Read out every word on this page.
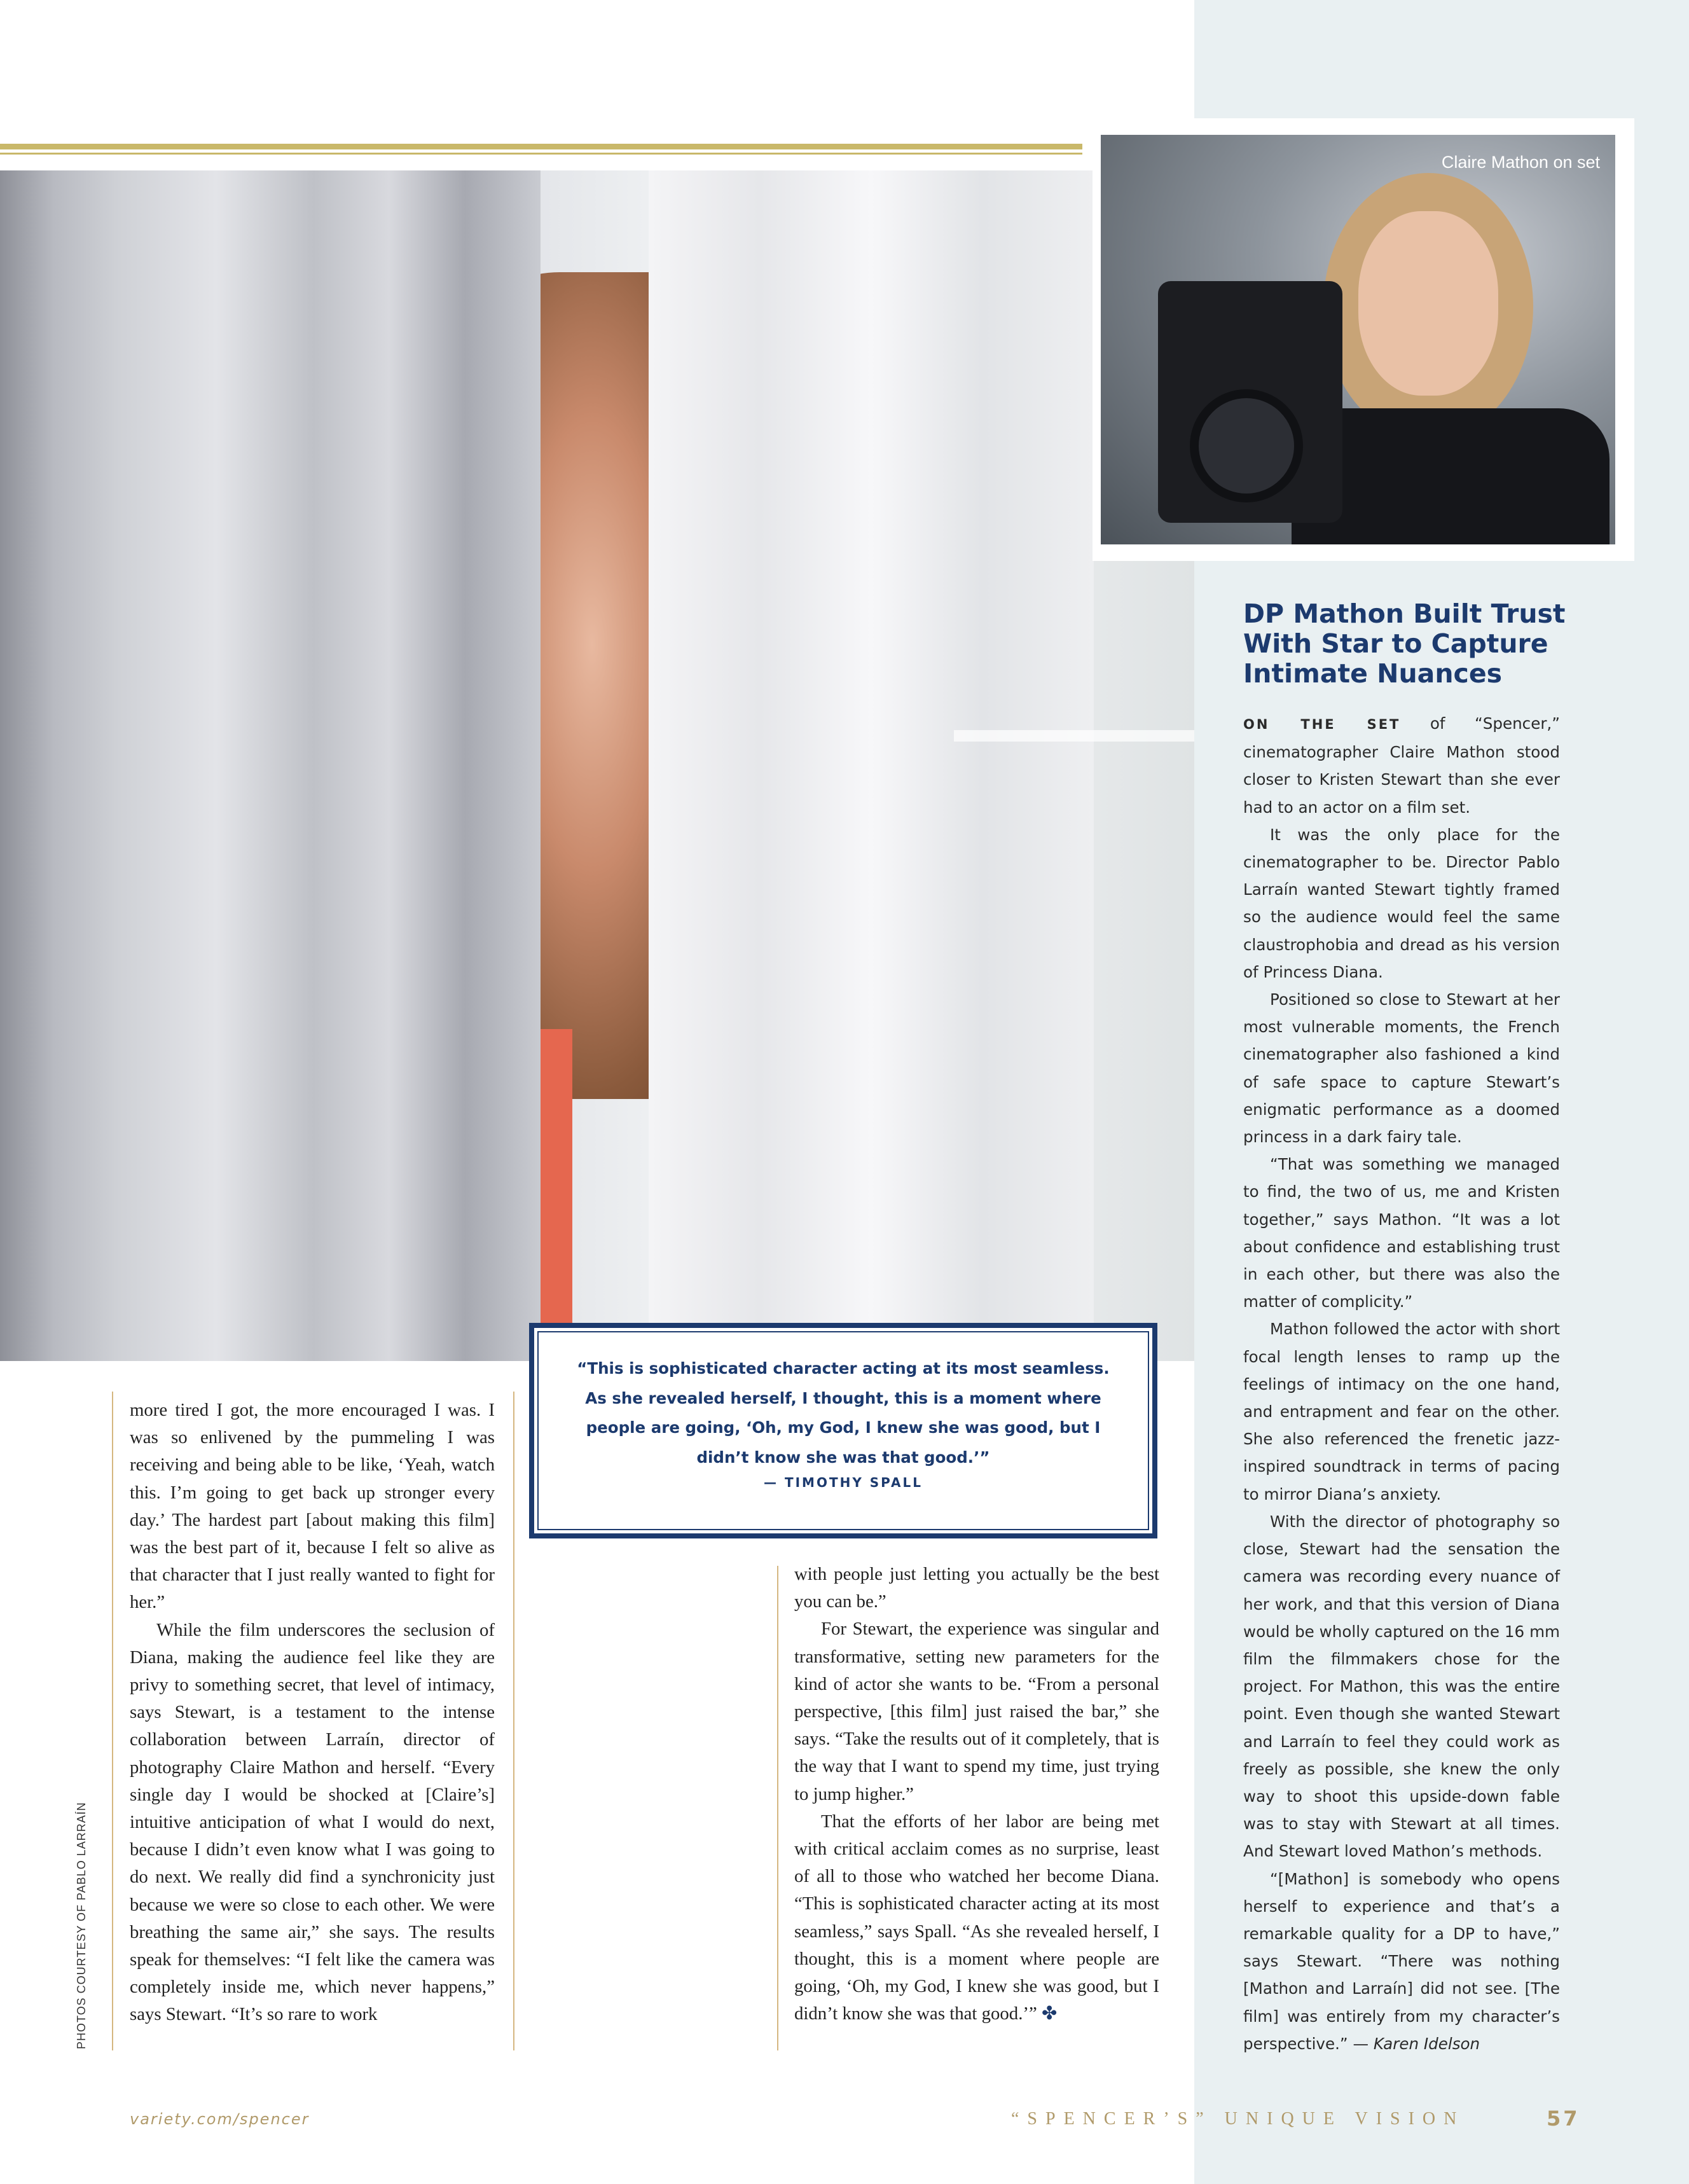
Claire Mathon on set
DP Mathon Built Trust With Star to Capture Intimate Nuances

ON THE SET of “Spencer,” cinematographer Claire Mathon stood closer to Kristen Stewart than she ever had to an actor on a film set.

It was the only place for the cinematographer to be. Director Pablo Larraín wanted Stewart tightly framed so the audience would feel the same claustrophobia and dread as his version of Princess Diana.

Positioned so close to Stewart at her most vulnerable moments, the French cinematographer also fashioned a kind of safe space to capture Stewart’s enigmatic performance as a doomed princess in a dark fairy tale.

“That was something we managed to find, the two of us, me and Kristen together,” says Mathon. “It was a lot about confidence and establishing trust in each other, but there was also the matter of complicity.”

Mathon followed the actor with short focal length lenses to ramp up the feelings of intimacy on the one hand, and entrapment and fear on the other. She also referenced the frenetic jazz-inspired soundtrack in terms of pacing to mirror Diana’s anxiety.

With the director of photography so close, Stewart had the sensation the camera was recording every nuance of her work, and that this version of Diana would be wholly captured on the 16 mm film the filmmakers chose for the project. For Mathon, this was the entire point. Even though she wanted Stewart and Larraín to feel they could work as freely as possible, she knew the only way to shoot this upside-down fable was to stay with Stewart at all times. And Stewart loved Mathon’s methods.

“[Mathon] is somebody who opens herself to experience and that’s a remarkable quality for a DP to have,” says Stewart. “There was nothing [Mathon and Larraín] did not see. [The film] was entirely from my character’s perspective.” — Karen Idelson

more tired I got, the more encouraged I was. I was so enlivened by the pummeling I was receiving and being able to be like, ‘Yeah, watch this. I’m going to get back up stronger every day.’ The hardest part [about making this film] was the best part of it, because I felt so alive as that character that I just really wanted to fight for her.”

While the film underscores the seclusion of Diana, making the audience feel like they are privy to something secret, that level of intimacy, says Stewart, is a testament to the intense collaboration between Larraín, director of photography Claire Mathon and herself. “Every single day I would be shocked at [Claire’s] intuitive anticipation of what I would do next, because I didn’t even know what I was going to do next. We really did find a synchronicity just because we were so close to each other. We were breathing the same air,” she says. The results speak for themselves: “I felt like the camera was completely inside me, which never happens,” says Stewart. “It’s so rare to work

with people just letting you actually be the best you can be.”

For Stewart, the experience was singular and transformative, setting new parameters for the kind of actor she wants to be. “From a personal perspective, [this film] just raised the bar,” she says. “Take the results out of it completely, that is the way that I want to spend my time, just trying to jump higher.”

That the efforts of her labor are being met with critical acclaim comes as no surprise, least of all to those who watched her become Diana. “This is sophisticated character acting at its most seamless,” says Spall. “As she revealed herself, I thought, this is a moment where people are going, ‘Oh, my God, I knew she was good, but I didn’t know she was that good.’” ✤

“This is sophisticated character acting at its most seamless. As she revealed herself, I thought, this is a moment where people are going, ‘Oh, my God, I knew she was good, but I didn’t know she was that good.’”

— TIMOTHY SPALL
PHOTOS COURTESY OF PABLO LARRAÍN
variety.com/spencer	“SPENCER’S” UNIQUE VISION	57
